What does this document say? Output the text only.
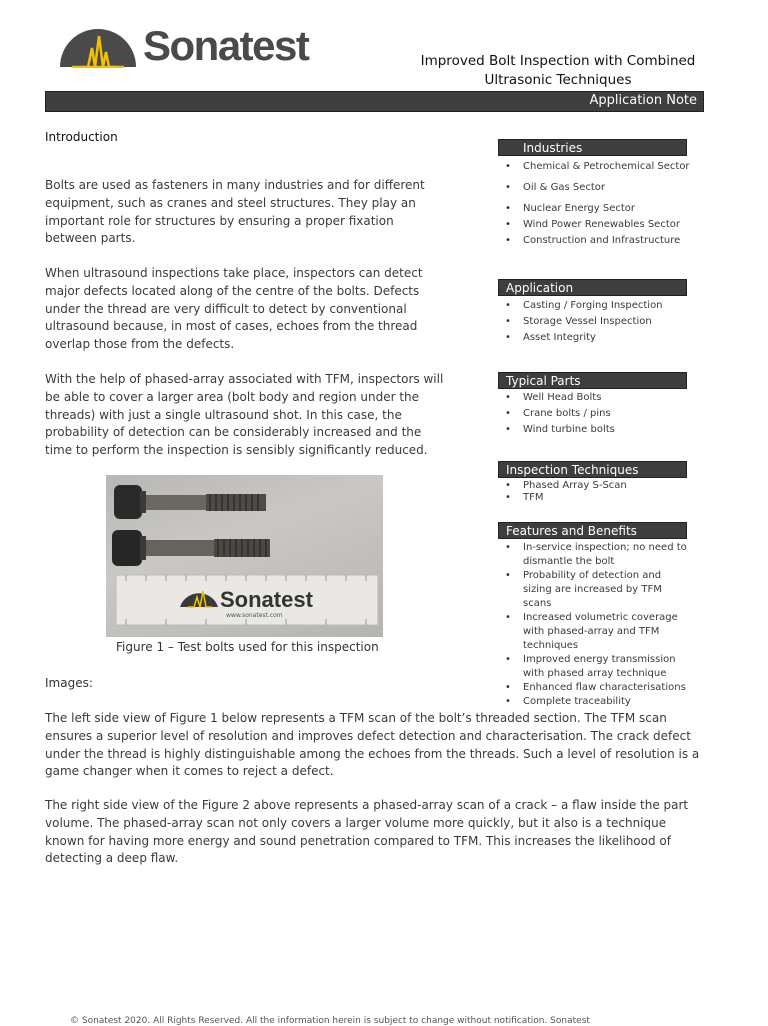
Sonatest	Improved Bolt Inspection with Combined
Ultrasonic Techniques
Application Note
Introduction
Bolts are used as fasteners in many industries and for different equipment, such as cranes and steel structures. They play an important role for structures by ensuring a proper fixation between parts.
When ultrasound inspections take place, inspectors can detect major defects located along of the centre of the bolts. Defects under the thread are very difficult to detect by conventional ultrasound because, in most of cases, echoes from the thread overlap those from the defects.
With the help of phased-array associated with TFM, inspectors will be able to cover a larger area (bolt body and region under the threads) with just a single ultrasound shot. In this case, the probability of detection can be considerably increased and the time to perform the inspection is sensibly significantly reduced.
Sonatest
www.sonatest.com
Figure 1 – Test bolts used for this inspection
Images:
The left side view of Figure 1 below represents a TFM scan of the bolt’s threaded section. The TFM scan ensures a superior level of resolution and improves defect detection and characterisation. The crack defect under the thread is highly distinguishable among the echoes from the threads. Such a level of resolution is a game changer when it comes to reject a defect.
The right side view of the Figure 2 above represents a phased-array scan of a crack – a flaw inside the part volume. The phased-array scan not only covers a larger volume more quickly, but it also is a technique known for having more energy and sound penetration compared to TFM. This increases the likelihood of detecting a deep flaw.
Industries
• Chemical & Petrochemical Sector
• Oil & Gas Sector
• Nuclear Energy Sector
• Wind Power Renewables Sector
• Construction and Infrastructure
Application
• Casting / Forging Inspection
• Storage Vessel Inspection
• Asset Integrity
Typical Parts
• Well Head Bolts
• Crane bolts / pins
• Wind turbine bolts
Inspection Techniques
• Phased Array S-Scan
• TFM
Features and Benefits
• In-service inspection; no need to dismantle the bolt
• Probability of detection and sizing are increased by TFM scans
• Increased volumetric coverage with phased-array and TFM techniques
• Improved energy transmission with phased array technique
• Enhanced flaw characterisations
• Complete traceability
© Sonatest 2020. All Rights Reserved. All the information herein is subject to change without notification. Sonatest
